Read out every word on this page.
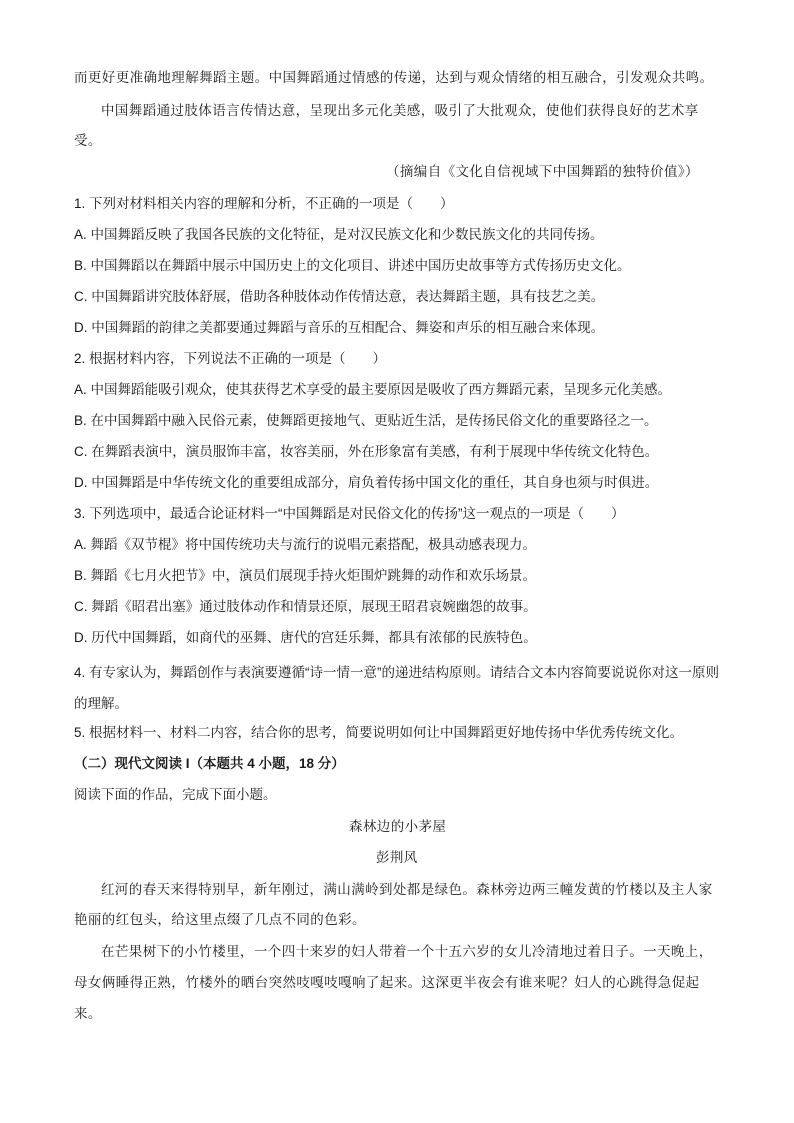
而更好更准确地理解舞蹈主题。中国舞蹈通过情感的传递，达到与观众情绪的相互融合，引发观众共鸣。
中国舞蹈通过肢体语言传情达意，呈现出多元化美感，吸引了大批观众，使他们获得良好的艺术享
受。
（摘编自《文化自信视域下中国舞蹈的独特价值》）
1. 下列对材料相关内容的理解和分析，不正确的一项是（　　）
A. 中国舞蹈反映了我国各民族的文化特征，是对汉民族文化和少数民族文化的共同传扬。
B. 中国舞蹈以在舞蹈中展示中国历史上的文化项目、讲述中国历史故事等方式传扬历史文化。
C. 中国舞蹈讲究肢体舒展，借助各种肢体动作传情达意，表达舞蹈主题，具有技艺之美。
D. 中国舞蹈的韵律之美都要通过舞蹈与音乐的互相配合、舞姿和声乐的相互融合来体现。
2. 根据材料内容，下列说法不正确的一项是（　　）
A. 中国舞蹈能吸引观众，使其获得艺术享受的最主要原因是吸收了西方舞蹈元素，呈现多元化美感。
B. 在中国舞蹈中融入民俗元素，使舞蹈更接地气、更贴近生活，是传扬民俗文化的重要路径之一。
C. 在舞蹈表演中，演员服饰丰富，妆容美丽，外在形象富有美感，有利于展现中华传统文化特色。
D. 中国舞蹈是中华传统文化的重要组成部分，肩负着传扬中国文化的重任，其自身也须与时俱进。
3. 下列选项中，最适合论证材料一“中国舞蹈是对民俗文化的传扬”这一观点的一项是（　　）
A. 舞蹈《双节棍》将中国传统功夫与流行的说唱元素搭配，极具动感表现力。
B. 舞蹈《七月火把节》中，演员们展现手持火炬围炉跳舞的动作和欢乐场景。
C. 舞蹈《昭君出塞》通过肢体动作和情景还原，展现王昭君哀婉幽怨的故事。
D. 历代中国舞蹈，如商代的巫舞、唐代的宫廷乐舞，都具有浓郁的民族特色。
4. 有专家认为，舞蹈创作与表演要遵循“诗一情一意”的递进结构原则。请结合文本内容简要说说你对这一原则的理解。
5. 根据材料一、材料二内容，结合你的思考，简要说明如何让中国舞蹈更好地传扬中华优秀传统文化。
（二）现代文阅读 I（本题共 4 小题，18 分）
阅读下面的作品，完成下面小题。
森林边的小茅屋
彭荆风
红河的春天来得特别早，新年刚过，满山满岭到处都是绿色。森林旁边两三幢发黄的竹楼以及主人家
艳丽的红包头，给这里点缀了几点不同的色彩。
在芒果树下的小竹楼里，一个四十来岁的妇人带着一个十五六岁的女儿冷清地过着日子。一天晚上，
母女俩睡得正熟，竹楼外的晒台突然吱嘎吱嘎响了起来。这深更半夜会有谁来呢？妇人的心跳得急促起
来。
